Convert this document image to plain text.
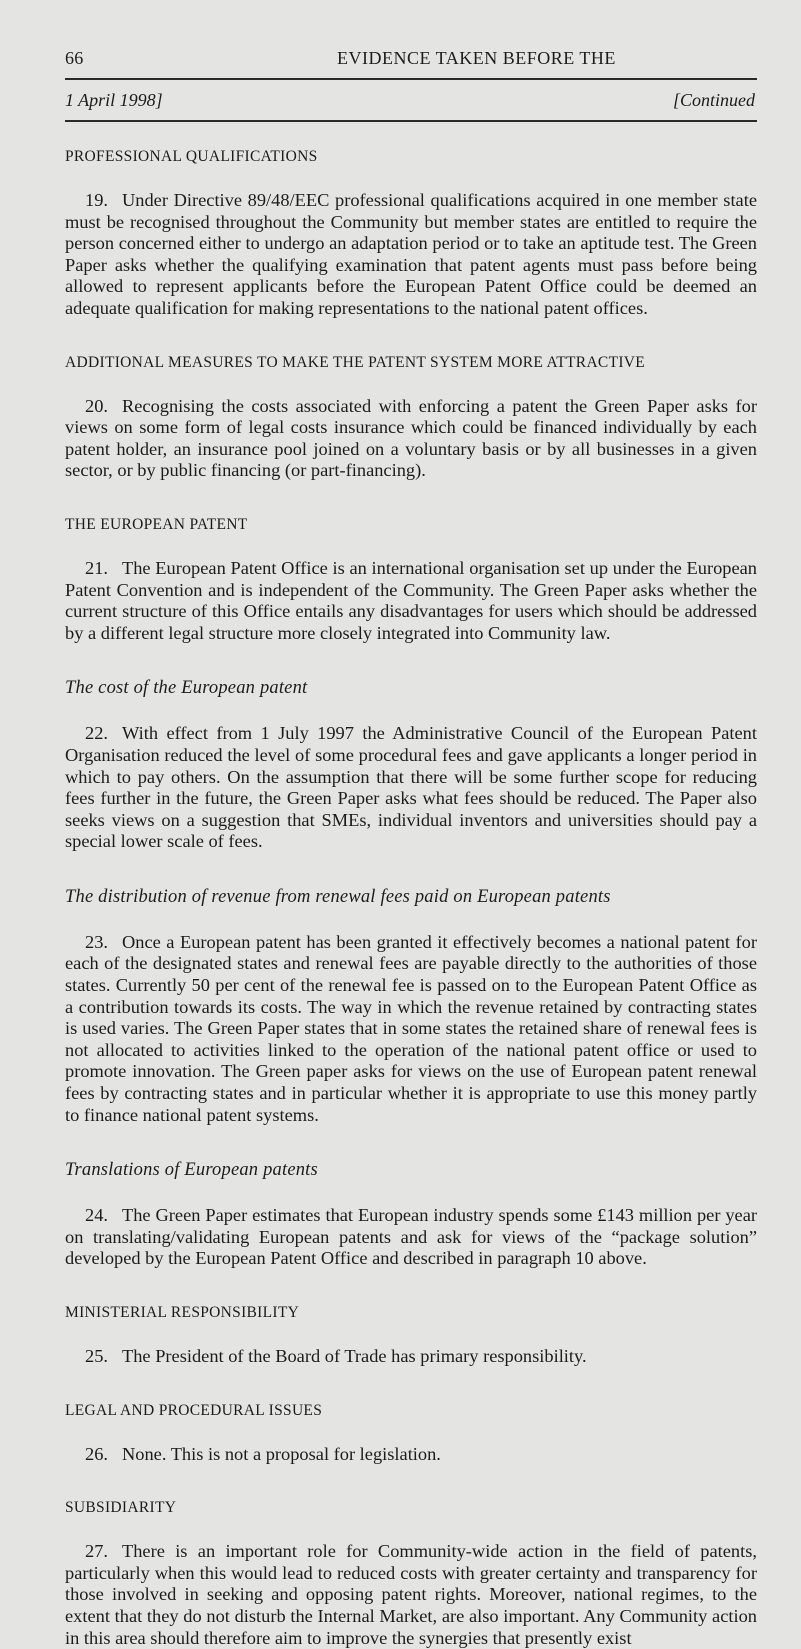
66	EVIDENCE TAKEN BEFORE THE
1 April 1998]	[Continued

PROFESSIONAL QUALIFICATIONS

19. Under Directive 89/48/EEC professional qualifications acquired in one member state must be recognised throughout the Community but member states are entitled to require the person concerned either to undergo an adaptation period or to take an aptitude test. The Green Paper asks whether the qualifying examination that patent agents must pass before being allowed to represent applicants before the European Patent Office could be deemed an adequate qualification for making representations to the national patent offices.

ADDITIONAL MEASURES TO MAKE THE PATENT SYSTEM MORE ATTRACTIVE

20. Recognising the costs associated with enforcing a patent the Green Paper asks for views on some form of legal costs insurance which could be financed individually by each patent holder, an insurance pool joined on a voluntary basis or by all businesses in a given sector, or by public financing (or part-financing).

THE EUROPEAN PATENT

21. The European Patent Office is an international organisation set up under the European Patent Convention and is independent of the Community. The Green Paper asks whether the current structure of this Office entails any disadvantages for users which should be addressed by a different legal structure more closely integrated into Community law.

The cost of the European patent

22. With effect from 1 July 1997 the Administrative Council of the European Patent Organisation reduced the level of some procedural fees and gave applicants a longer period in which to pay others. On the assumption that there will be some further scope for reducing fees further in the future, the Green Paper asks what fees should be reduced. The Paper also seeks views on a suggestion that SMEs, individual inventors and universities should pay a special lower scale of fees.

The distribution of revenue from renewal fees paid on European patents

23. Once a European patent has been granted it effectively becomes a national patent for each of the designated states and renewal fees are payable directly to the authorities of those states. Currently 50 per cent of the renewal fee is passed on to the European Patent Office as a contribution towards its costs. The way in which the revenue retained by contracting states is used varies. The Green Paper states that in some states the retained share of renewal fees is not allocated to activities linked to the operation of the national patent office or used to promote innovation. The Green paper asks for views on the use of European patent renewal fees by contracting states and in particular whether it is appropriate to use this money partly to finance national patent systems.

Translations of European patents

24. The Green Paper estimates that European industry spends some £143 million per year on translating/validating European patents and ask for views of the “package solution” developed by the European Patent Office and described in paragraph 10 above.

MINISTERIAL RESPONSIBILITY

25. The President of the Board of Trade has primary responsibility.

LEGAL AND PROCEDURAL ISSUES

26. None. This is not a proposal for legislation.

SUBSIDIARITY

27. There is an important role for Community-wide action in the field of patents, particularly when this would lead to reduced costs with greater certainty and transparency for those involved in seeking and opposing patent rights. Moreover, national regimes, to the extent that they do not disturb the Internal Market, are also important. Any Community action in this area should therefore aim to improve the synergies that presently exist
